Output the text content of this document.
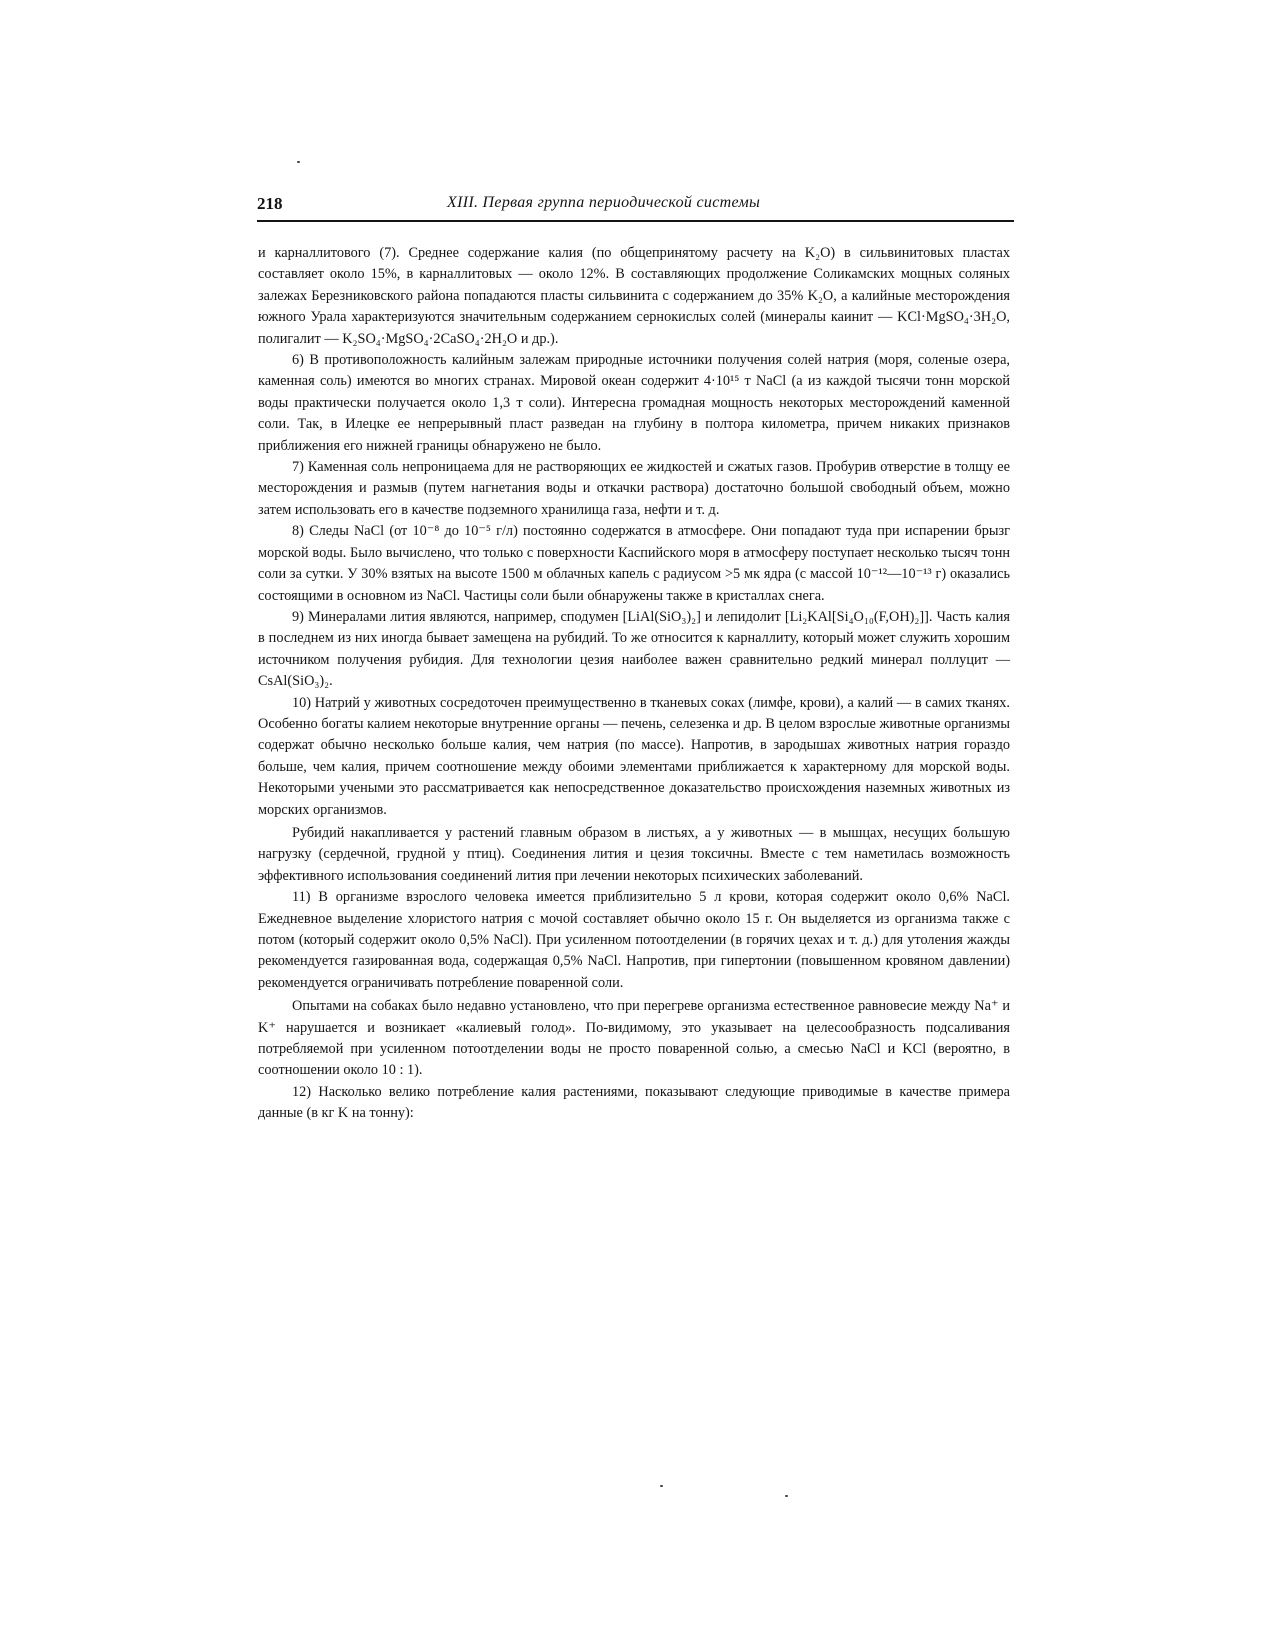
218	XIII. Первая группа периодической системы

и карналлитового (7). Среднее содержание калия (по общепринятому расчету на K₂O) в сильвинитовых пластах составляет около 15%, в карналлитовых — около 12%. В составляющих продолжение Соликамских мощных соляных залежах Березниковского района попадаются пласты сильвинита с содержанием до 35% K₂O, а калийные месторождения южного Урала характеризуются значительным содержанием сернокислых солей (минералы каинит — KCl·MgSO₄·3H₂O, полигалит — K₂SO₄·MgSO₄·2CaSO₄·2H₂O и др.).

6) В противоположность калийным залежам природные источники получения солей натрия (моря, соленые озера, каменная соль) имеются во многих странах. Мировой океан содержит 4·10¹⁵ т NaCl (а из каждой тысячи тонн морской воды практически получается около 1,3 т соли). Интересна громадная мощность некоторых месторождений каменной соли. Так, в Илецке ее непрерывный пласт разведан на глубину в полтора километра, причем никаких признаков приближения его нижней границы обнаружено не было.

7) Каменная соль непроницаема для не растворяющих ее жидкостей и сжатых газов. Пробурив отверстие в толщу ее месторождения и размыв (путем нагнетания воды и откачки раствора) достаточно большой свободный объем, можно затем использовать его в качестве подземного хранилища газа, нефти и т. д.

8) Следы NaCl (от 10⁻⁸ до 10⁻⁵ г/л) постоянно содержатся в атмосфере. Они попадают туда при испарении брызг морской воды. Было вычислено, что только с поверхности Каспийского моря в атмосферу поступает несколько тысяч тонн соли за сутки. У 30% взятых на высоте 1500 м облачных капель с радиусом >5 мк ядра (с массой 10⁻¹²—10⁻¹³ г) оказались состоящими в основном из NaCl. Частицы соли были обнаружены также в кристаллах снега.

9) Минералами лития являются, например, сподумен [LiAl(SiO₃)₂] и лепидолит [Li₂KAl[Si₄O₁₀(F,OH)₂]]. Часть калия в последнем из них иногда бывает замещена на рубидий. То же относится к карналлиту, который может служить хорошим источником получения рубидия. Для технологии цезия наиболее важен сравнительно редкий минерал поллуцит — CsAl(SiO₃)₂.

10) Натрий у животных сосредоточен преимущественно в тканевых соках (лимфе, крови), а калий — в самих тканях. Особенно богаты калием некоторые внутренние органы — печень, селезенка и др. В целом взрослые животные организмы содержат обычно несколько больше калия, чем натрия (по массе). Напротив, в зародышах животных натрия гораздо больше, чем калия, причем соотношение между обоими элементами приближается к характерному для морской воды. Некоторыми учеными это рассматривается как непосредственное доказательство происхождения наземных животных из морских организмов.

Рубидий накапливается у растений главным образом в листьях, а у животных — в мышцах, несущих большую нагрузку (сердечной, грудной у птиц). Соединения лития и цезия токсичны. Вместе с тем наметилась возможность эффективного использования соединений лития при лечении некоторых психических заболеваний.

11) В организме взрослого человека имеется приблизительно 5 л крови, которая содержит около 0,6% NaCl. Ежедневное выделение хлористого натрия с мочой составляет обычно около 15 г. Он выделяется из организма также с потом (который содержит около 0,5% NaCl). При усиленном потоотделении (в горячих цехах и т. д.) для утоления жажды рекомендуется газированная вода, содержащая 0,5% NaCl. Напротив, при гипертонии (повышенном кровяном давлении) рекомендуется ограничивать потребление поваренной соли.

Опытами на собаках было недавно установлено, что при перегреве организма естественное равновесие между Na⁺ и K⁺ нарушается и возникает «калиевый голод». По-видимому, это указывает на целесообразность подсаливания потребляемой при усиленном потоотделении воды не просто поваренной солью, а смесью NaCl и KCl (вероятно, в соотношении около 10 : 1).

12) Насколько велико потребление калия растениями, показывают следующие приводимые в качестве примера данные (в кг K на тонну):
